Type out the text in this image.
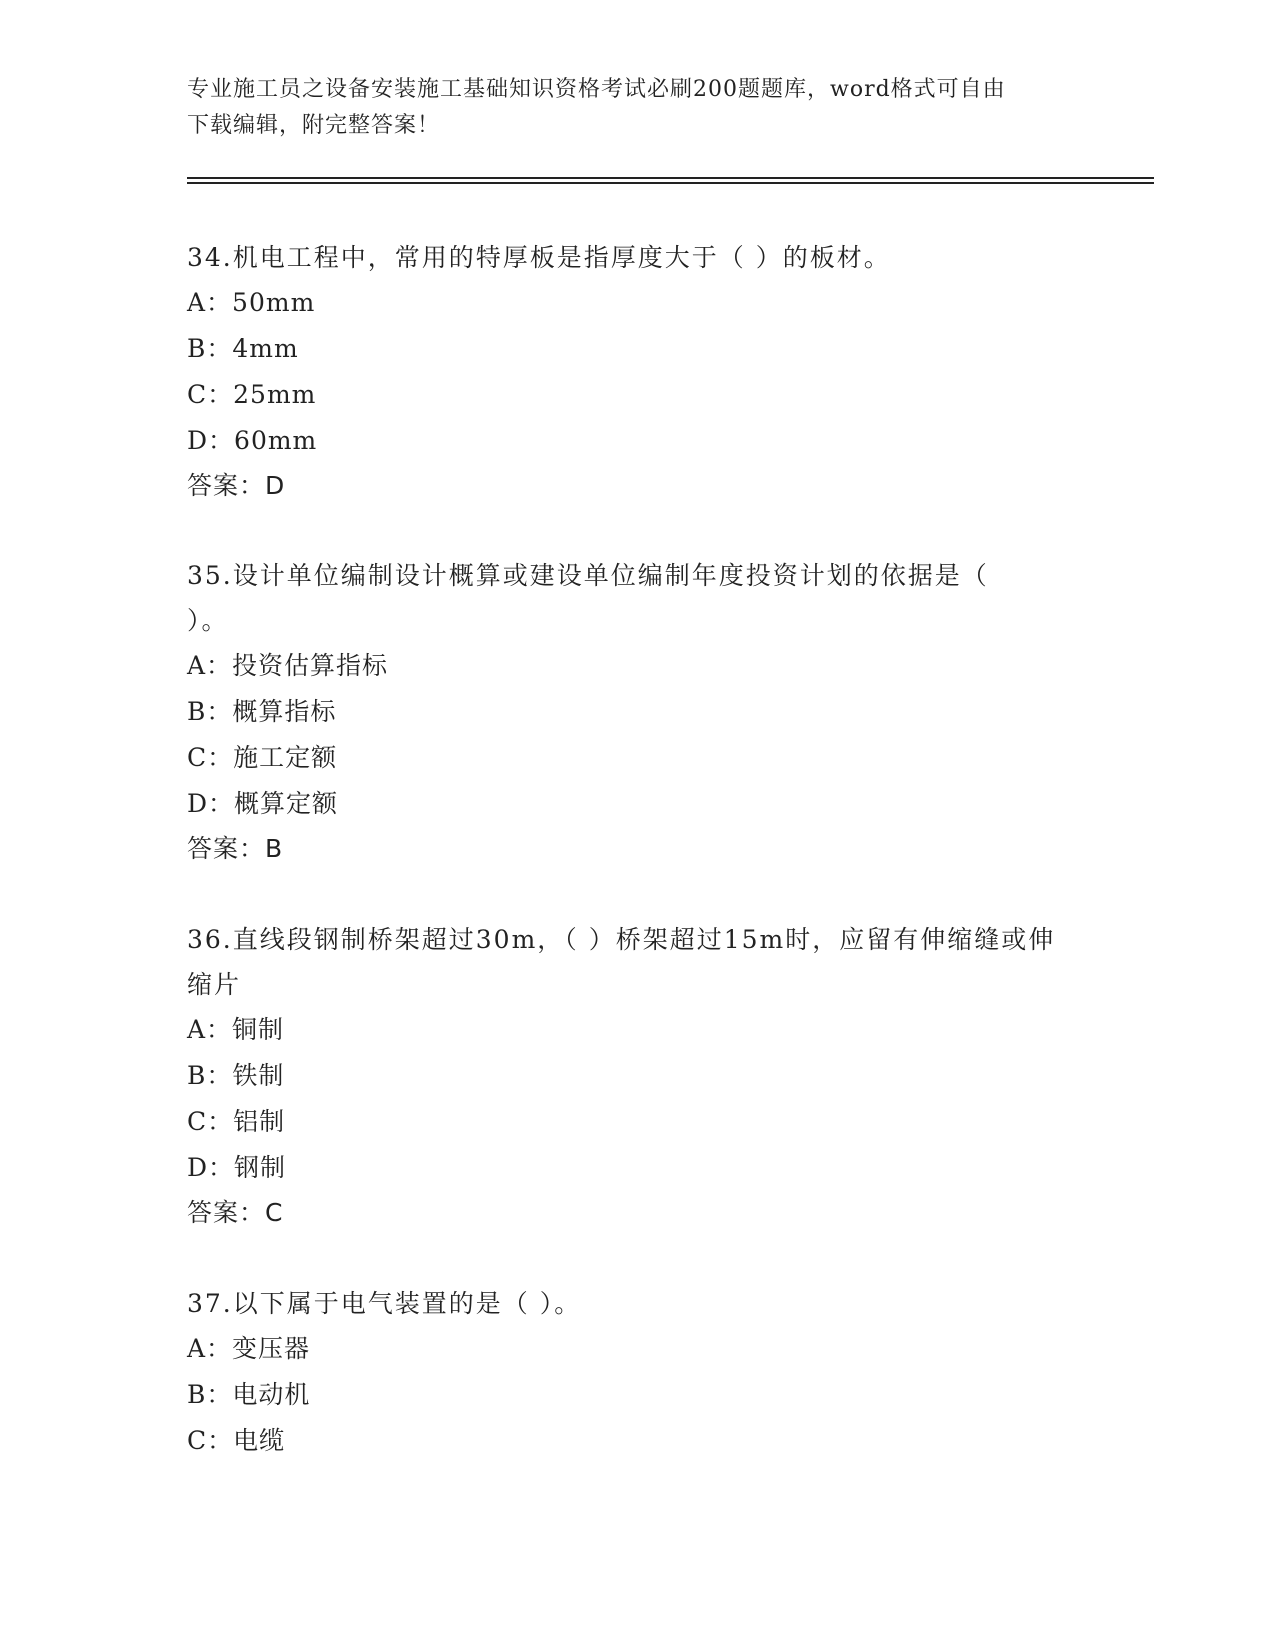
专业施工员之设备安装施工基础知识资格考试必刷200题题库，word格式可自由
下载编辑，附完整答案！

34.机电工程中，常用的特厚板是指厚度大于（ ）的板材。

A：50mm

B：4mm

C：25mm

D：60mm

答案：D

35.设计单位编制设计概算或建设单位编制年度投资计划的依据是（ ）。

A：投资估算指标

B：概算指标

C：施工定额

D：概算定额

答案：B

36.直线段钢制桥架超过30m，（ ）桥架超过15m时，应留有伸缩缝或伸缩片

A：铜制

B：铁制

C：铝制

D：钢制

答案：C

37.以下属于电气装置的是（ ）。

A：变压器

B：电动机

C：电缆
